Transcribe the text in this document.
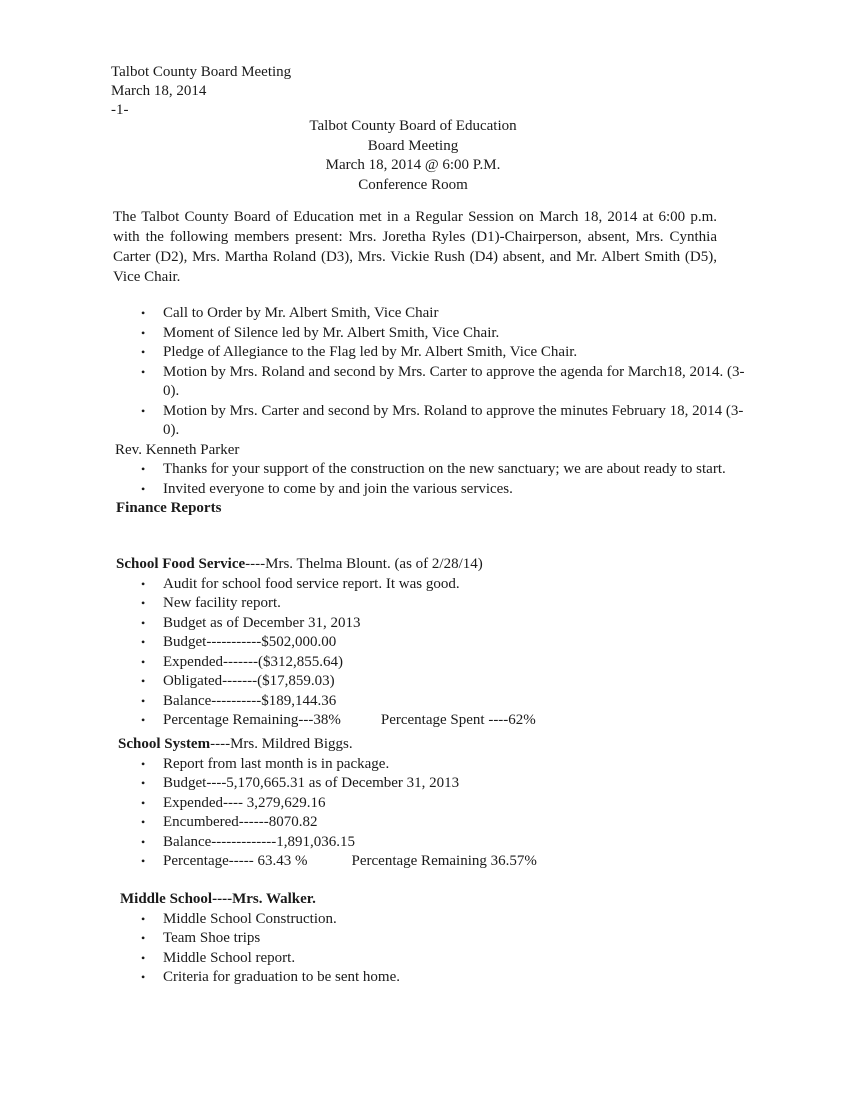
Talbot County Board Meeting
March 18, 2014
-1-
Talbot County Board of Education
Board Meeting
March 18, 2014 @ 6:00 P.M.
Conference Room

The Talbot County Board of Education met in a Regular Session on March 18, 2014 at 6:00 p.m. with the following members present: Mrs. Joretha Ryles (D1)-Chairperson, absent, Mrs. Cynthia Carter (D2), Mrs. Martha Roland (D3), Mrs. Vickie Rush (D4) absent, and Mr. Albert Smith (D5), Vice Chair.

• Call to Order by Mr. Albert Smith, Vice Chair
• Moment of Silence led by Mr. Albert Smith, Vice Chair.
• Pledge of Allegiance to the Flag led by Mr. Albert Smith, Vice Chair.
• Motion by Mrs. Roland and second by Mrs. Carter to approve the agenda for March18, 2014. (3-0).
• Motion by Mrs. Carter and second by Mrs. Roland to approve the minutes February 18, 2014 (3-0).
Rev. Kenneth Parker
• Thanks for your support of the construction on the new sanctuary; we are about ready to start.
• Invited everyone to come by and join the various services.
Finance Reports
School Food Service----Mrs. Thelma Blount. (as of 2/28/14)
• Audit for school food service report. It was good.
• New facility report.
• Budget as of December 31, 2013
• Budget-----------$502,000.00
• Expended-------($312,855.64)
• Obligated-------($17,859.03)
• Balance----------$189,144.36
• Percentage Remaining---38%	Percentage Spent ----62%
School System----Mrs. Mildred Biggs.
• Report from last month is in package.
• Budget----5,170,665.31 as of December 31, 2013
• Expended---- 3,279,629.16
• Encumbered------8070.82
• Balance-------------1,891,036.15
• Percentage----- 63.43 %	Percentage Remaining 36.57%
Middle School----Mrs. Walker.
• Middle School Construction.
• Team Shoe trips
• Middle School report.
• Criteria for graduation to be sent home.
